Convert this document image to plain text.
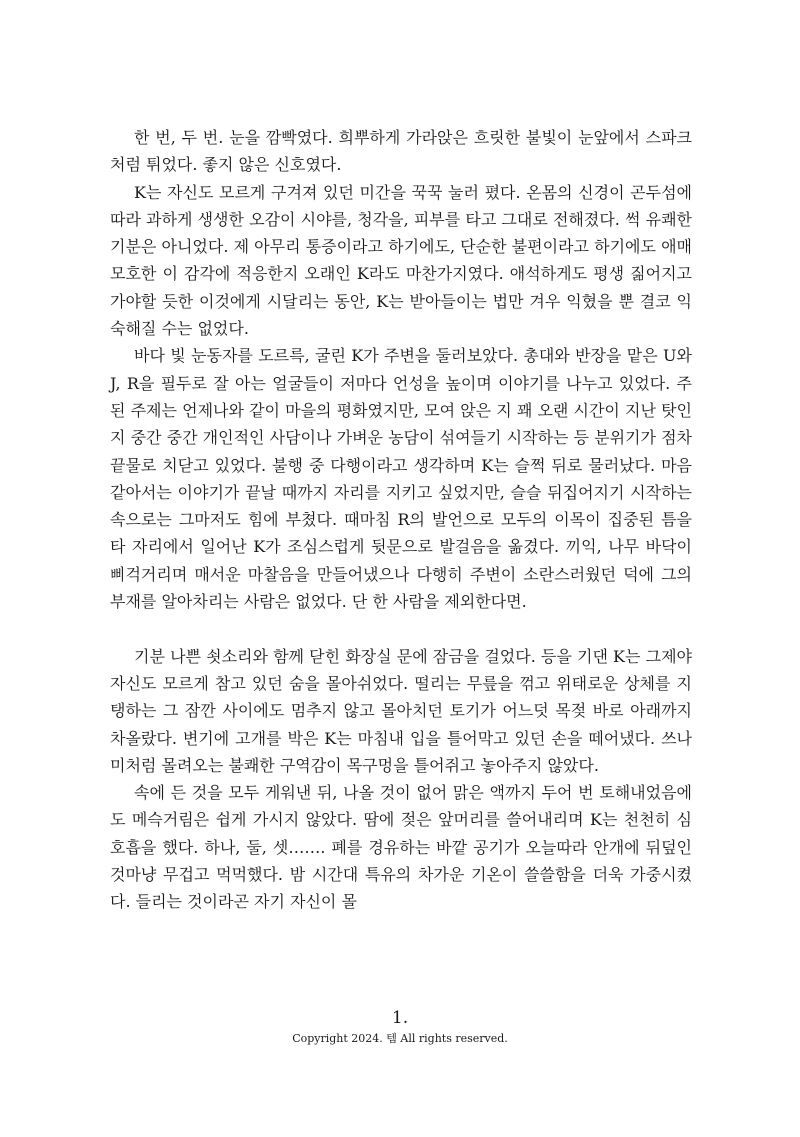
한 번, 두 번. 눈을 깜빡였다. 희뿌하게 가라앉은 흐릿한 불빛이 눈앞에서 스파크처럼 튀었다. 좋지 않은 신호였다.

K는 자신도 모르게 구겨져 있던 미간을 꾹꾹 눌러 폈다. 온몸의 신경이 곤두섬에 따라 과하게 생생한 오감이 시야를, 청각을, 피부를 타고 그대로 전해졌다. 썩 유쾌한 기분은 아니었다. 제 아무리 통증이라고 하기에도, 단순한 불편이라고 하기에도 애매모호한 이 감각에 적응한지 오래인 K라도 마찬가지였다. 애석하게도 평생 짊어지고 가야할 듯한 이것에게 시달리는 동안, K는 받아들이는 법만 겨우 익혔을 뿐 결코 익숙해질 수는 없었다.

바다 빛 눈동자를 도르륵, 굴린 K가 주변을 둘러보았다. 총대와 반장을 맡은 U와 J, R을 필두로 잘 아는 얼굴들이 저마다 언성을 높이며 이야기를 나누고 있었다. 주된 주제는 언제나와 같이 마을의 평화였지만, 모여 앉은 지 꽤 오랜 시간이 지난 탓인지 중간 중간 개인적인 사담이나 가벼운 농담이 섞여들기 시작하는 등 분위기가 점차 끝물로 치닫고 있었다. 불행 중 다행이라고 생각하며 K는 슬쩍 뒤로 물러났다. 마음 같아서는 이야기가 끝날 때까지 자리를 지키고 싶었지만, 슬슬 뒤집어지기 시작하는 속으로는 그마저도 힘에 부쳤다. 때마침 R의 발언으로 모두의 이목이 집중된 틈을 타 자리에서 일어난 K가 조심스럽게 뒷문으로 발걸음을 옮겼다. 끼익, 나무 바닥이 삐걱거리며 매서운 마찰음을 만들어냈으나 다행히 주변이 소란스러웠던 덕에 그의 부재를 알아차리는 사람은 없었다. 단 한 사람을 제외한다면.

기분 나쁜 쇳소리와 함께 닫힌 화장실 문에 잠금을 걸었다. 등을 기댄 K는 그제야 자신도 모르게 참고 있던 숨을 몰아쉬었다. 떨리는 무릎을 꺾고 위태로운 상체를 지탱하는 그 잠깐 사이에도 멈추지 않고 몰아치던 토기가 어느덧 목젖 바로 아래까지 차올랐다. 변기에 고개를 박은 K는 마침내 입을 틀어막고 있던 손을 떼어냈다. 쓰나미처럼 몰려오는 불쾌한 구역감이 목구멍을 틀어쥐고 놓아주지 않았다.

속에 든 것을 모두 게워낸 뒤, 나올 것이 없어 맑은 액까지 두어 번 토해내었음에도 메슥거림은 쉽게 가시지 않았다. 땀에 젖은 앞머리를 쓸어내리며 K는 천천히 심호흡을 했다. 하나, 둘, 셋……. 폐를 경유하는 바깥 공기가 오늘따라 안개에 뒤덮인 것마냥 무겁고 먹먹했다. 밤 시간대 특유의 차가운 기온이 쓸쓸함을 더욱 가중시켰다. 들리는 것이라곤 자기 자신이 몰

1.
Copyright 2024. 템 All rights reserved.
